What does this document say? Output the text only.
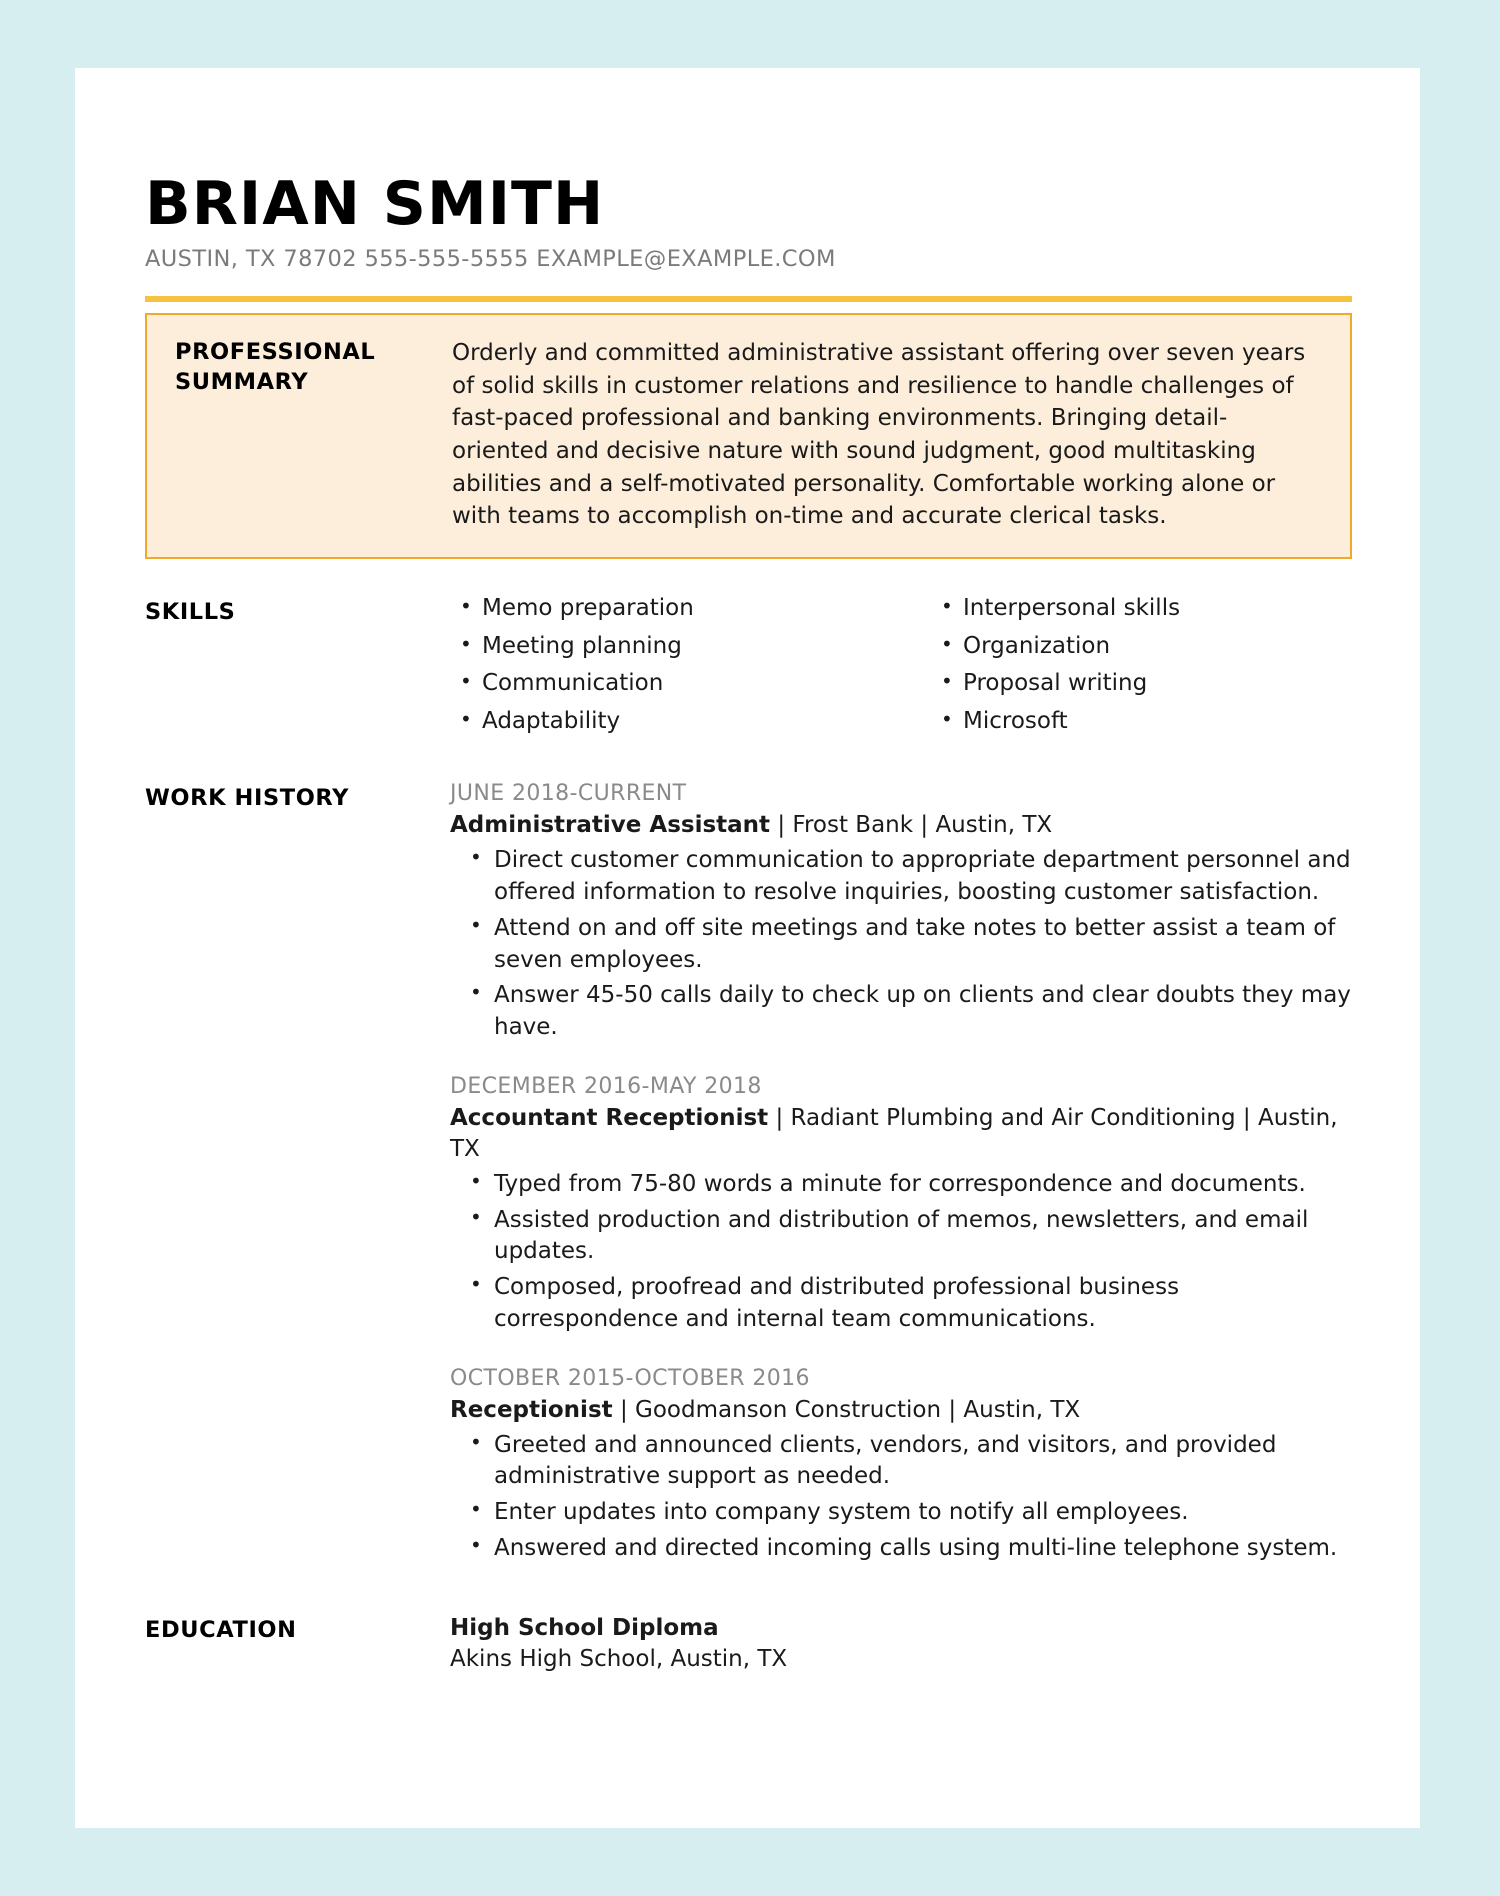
BRIAN SMITH
AUSTIN, TX 78702 555-555-5555 EXAMPLE@EXAMPLE.COM
PROFESSIONAL SUMMARY
Orderly and committed administrative assistant offering over seven years of solid skills in customer relations and resilience to handle challenges of fast-paced professional and banking environments. Bringing detail-oriented and decisive nature with sound judgment, good multitasking abilities and a self-motivated personality. Comfortable working alone or with teams to accomplish on-time and accurate clerical tasks.
SKILLS	• Memo preparation
• Meeting planning
• Communication
• Adaptability
• Interpersonal skills
• Organization
• Proposal writing
• Microsoft
WORK HISTORY	JUNE 2018-CURRENT
Administrative Assistant | Frost Bank | Austin, TX
• Direct customer communication to appropriate department personnel and offered information to resolve inquiries, boosting customer satisfaction.
• Attend on and off site meetings and take notes to better assist a team of seven employees.
• Answer 45-50 calls daily to check up on clients and clear doubts they may have.
DECEMBER 2016-MAY 2018
Accountant Receptionist | Radiant Plumbing and Air Conditioning | Austin, TX
• Typed from 75-80 words a minute for correspondence and documents.
• Assisted production and distribution of memos, newsletters, and email updates.
• Composed, proofread and distributed professional business correspondence and internal team communications.
OCTOBER 2015-OCTOBER 2016
Receptionist | Goodmanson Construction | Austin, TX
• Greeted and announced clients, vendors, and visitors, and provided administrative support as needed.
• Enter updates into company system to notify all employees.
• Answered and directed incoming calls using multi-line telephone system.
EDUCATION	High School Diploma
Akins High School, Austin, TX
